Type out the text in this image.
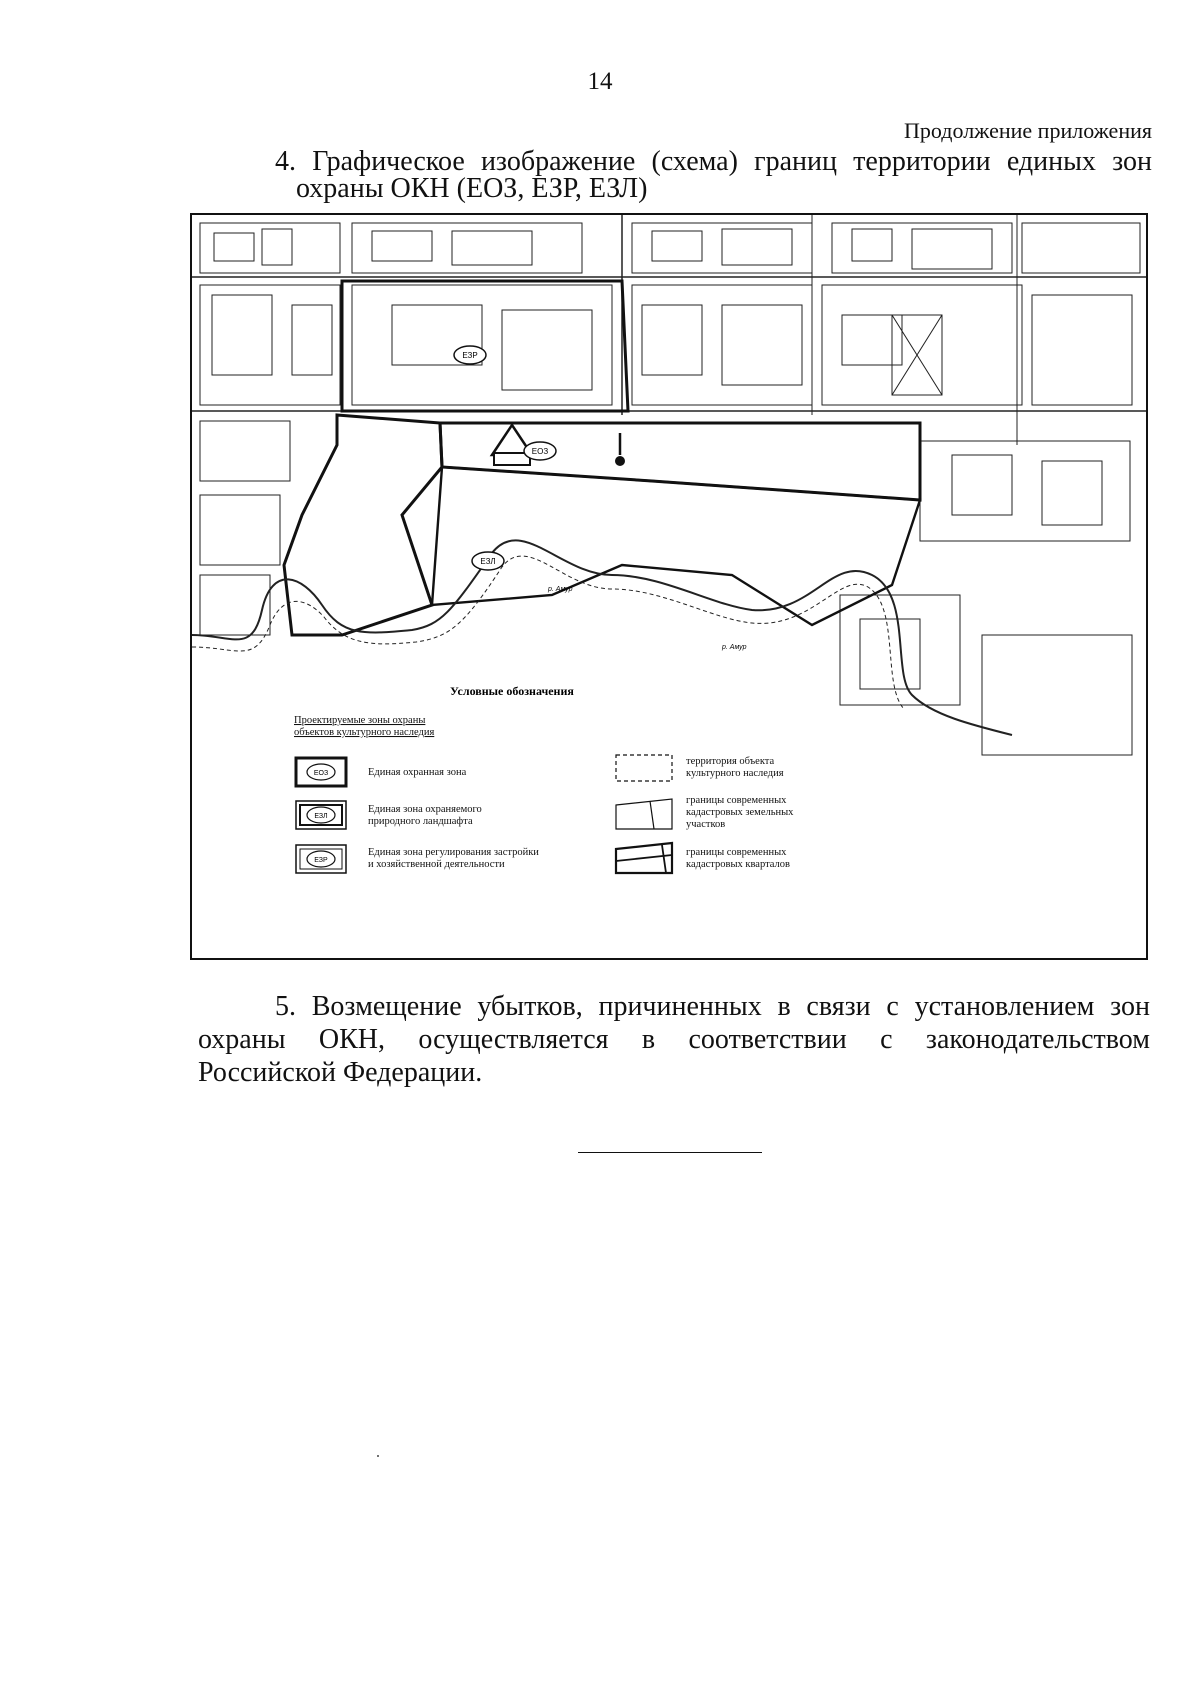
14
Продолжение приложения
4. Графическое изображение (схема) границ территории единых зон
охраны ОКН (ЕОЗ, ЕЗР, ЕЗЛ)
ЕЗР
ЕОЗ
ЕЗЛ
р. Амур
р. Амур
Условные обозначения
Проектируемые зоны охраны
объектов культурного наследия
ЕОЗ	Единая охранная зона
ЕЗЛ
Единая зона охраняемого
природного ландшафта
ЕЗР
Единая зона регулирования застройки
и хозяйственной деятельности
территория объекта
культурного наследия
границы современных
кадастровых земельных
участков
границы современных
кадастровых кварталов
5. Возмещение убытков, причиненных в связи с установлением зон
охраны ОКН, осуществляется в соответствии с законодательством
Российской Федерации.
